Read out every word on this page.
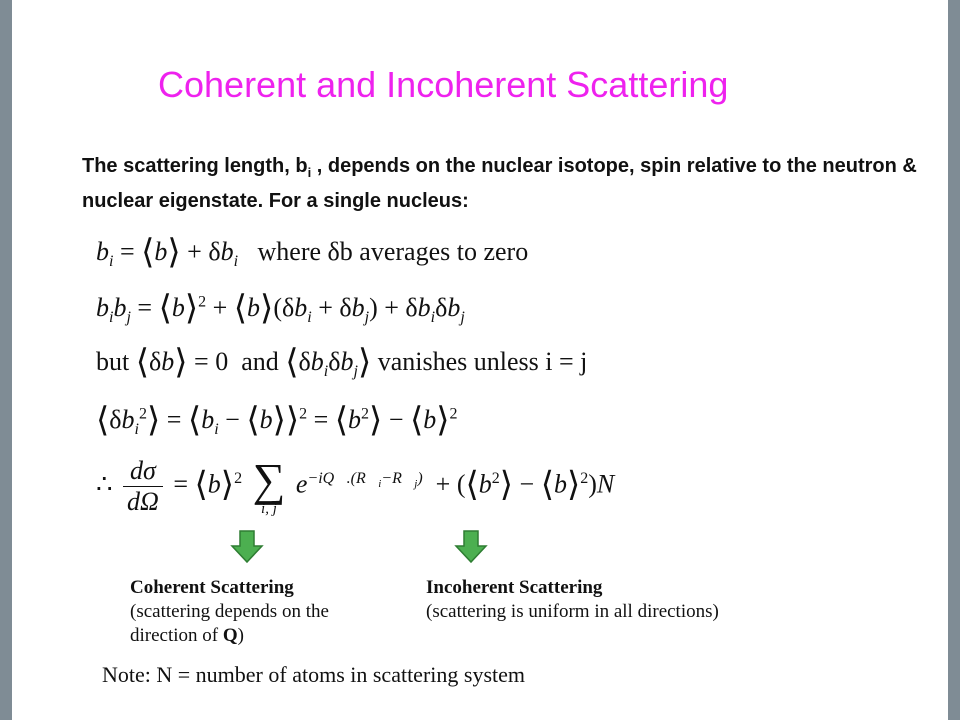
Coherent and Incoherent Scattering
The scattering length, $b_i$ , depends on the nuclear isotope, spin relative to the neutron & nuclear eigenstate. For a single nucleus:
$b_i$ = ⟨b⟩ + $\delta b_i$ where δb averages to zero
$b_ib_j$ = ⟨b⟩$^2$ + $⟨b⟩(\delta b_i + \delta b_j) + \delta b_i\delta b_j$
but ⟨δb⟩ = 0  and $⟨\delta b_i\delta b_j⟩$ vanishes unless i = j
$⟨\delta b_i^2⟩$ = $⟨b_i$ − ⟨b⟩⟩$^2$ = $⟨b^2⟩$ − ⟨b⟩$^2$
∴ $\frac{d\sigma}{d\Omega}$ = ⟨b⟩$^2$ ∑
i, j
$e^{-iQ⃗.(R⃗_i-R⃗_j)}$  + ($⟨b^2⟩$ − ⟨b⟩$^2$)N
Coherent Scattering
(scattering depends on the
direction of Q)
Incoherent Scattering
(scattering is uniform in all directions)
Note: N = number of atoms in scattering system
